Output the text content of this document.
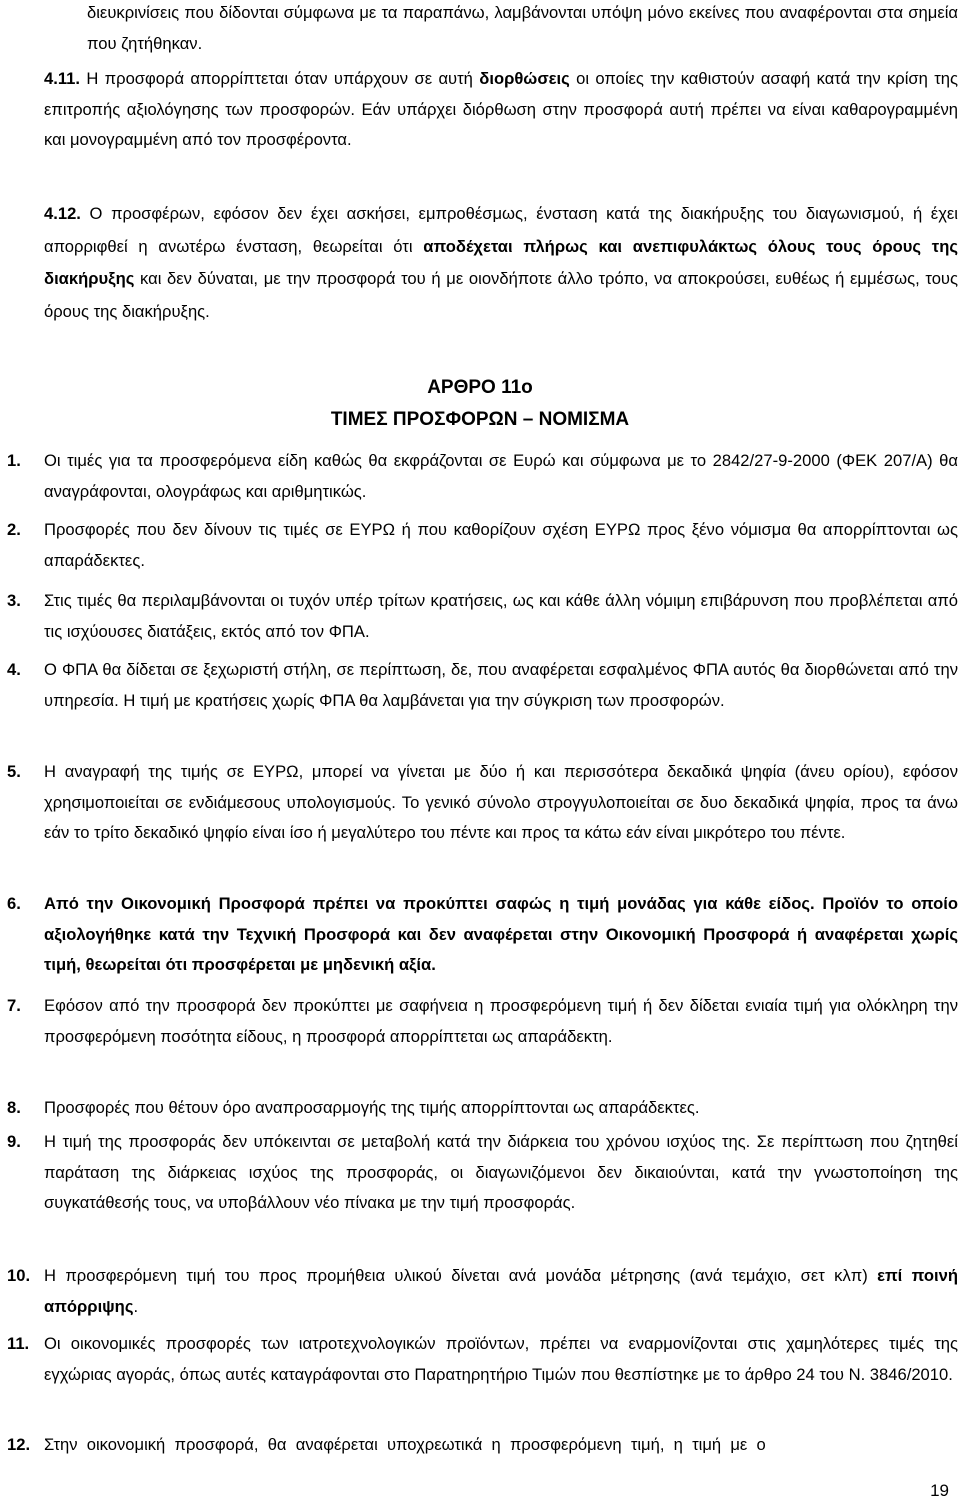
διευκρινίσεις που δίδονται σύμφωνα με τα παραπάνω, λαμβάνονται υπόψη μόνο εκείνες που αναφέρονται στα σημεία που ζητήθηκαν.
4.11. Η προσφορά απορρίπτεται όταν υπάρχουν σε αυτή διορθώσεις οι οποίες την καθιστούν ασαφή κατά την κρίση της επιτροπής αξιολόγησης των προσφορών. Εάν υπάρχει διόρθωση στην προσφορά αυτή πρέπει να είναι καθαρογραμμένη και μονογραμμένη από τον προσφέροντα.
4.12. Ο προσφέρων, εφόσον δεν έχει ασκήσει, εμπροθέσμως, ένσταση κατά της διακήρυξης του διαγωνισμού, ή έχει απορριφθεί η ανωτέρω ένσταση, θεωρείται ότι αποδέχεται πλήρως και ανεπιφυλάκτως όλους τους όρους της διακήρυξης και δεν δύναται, με την προσφορά του ή με οιονδήποτε άλλο τρόπο, να αποκρούσει, ευθέως ή εμμέσως, τους όρους της διακήρυξης.
ΑΡΘΡΟ 11ο
ΤΙΜΕΣ ΠΡΟΣΦΟΡΩΝ – ΝΟΜΙΣΜΑ
1. Οι τιμές για τα προσφερόμενα είδη καθώς θα εκφράζονται σε Ευρώ και σύμφωνα με το 2842/27-9-2000 (ΦΕΚ 207/Α) θα αναγράφονται, ολογράφως και αριθμητικώς.
2. Προσφορές που δεν δίνουν τις τιμές σε ΕΥΡΩ ή που καθορίζουν σχέση ΕΥΡΩ προς ξένο νόμισμα θα απορρίπτονται ως απαράδεκτες.
3. Στις τιμές θα περιλαμβάνονται οι τυχόν υπέρ τρίτων κρατήσεις, ως και κάθε άλλη νόμιμη επιβάρυνση που προβλέπεται από τις ισχύουσες διατάξεις, εκτός από τον ΦΠΑ.
4. Ο ΦΠΑ θα δίδεται σε ξεχωριστή στήλη, σε περίπτωση, δε, που αναφέρεται εσφαλμένος ΦΠΑ αυτός θα διορθώνεται από την υπηρεσία. Η τιμή με κρατήσεις χωρίς ΦΠΑ θα λαμβάνεται για την σύγκριση των προσφορών.
5. Η αναγραφή της τιμής σε ΕΥΡΩ, μπορεί να γίνεται με δύο ή και περισσότερα δεκαδικά ψηφία (άνευ ορίου), εφόσον χρησιμοποιείται σε ενδιάμεσους υπολογισμούς. Το γενικό σύνολο στρογγυλοποιείται σε δυο δεκαδικά ψηφία, προς τα άνω εάν το τρίτο δεκαδικό ψηφίο είναι ίσο ή μεγαλύτερο του πέντε και προς τα κάτω εάν είναι μικρότερο του πέντε.
6. Από την Οικονομική Προσφορά πρέπει να προκύπτει σαφώς η τιμή μονάδας για κάθε είδος. Προϊόν το οποίο αξιολογήθηκε κατά την Τεχνική Προσφορά και δεν αναφέρεται στην Οικονομική Προσφορά ή αναφέρεται χωρίς τιμή, θεωρείται ότι προσφέρεται με μηδενική αξία.
7. Εφόσον από την προσφορά δεν προκύπτει με σαφήνεια η προσφερόμενη τιμή ή δεν δίδεται ενιαία τιμή για ολόκληρη την προσφερόμενη ποσότητα είδους, η προσφορά απορρίπτεται ως απαράδεκτη.
8. Προσφορές που θέτουν όρο αναπροσαρμογής της τιμής απορρίπτονται ως απαράδεκτες.
9. Η τιμή της προσφοράς δεν υπόκεινται σε μεταβολή κατά την διάρκεια του χρόνου ισχύος της. Σε περίπτωση που ζητηθεί παράταση της διάρκειας ισχύος της προσφοράς, οι διαγωνιζόμενοι δεν δικαιούνται, κατά την γνωστοποίηση της συγκατάθεσής τους, να υποβάλλουν νέο πίνακα με την τιμή προσφοράς.
10. Η προσφερόμενη τιμή του προς προμήθεια υλικού δίνεται ανά μονάδα μέτρησης (ανά τεμάχιο, σετ κλπ) επί ποινή απόρριψης.
11. Οι οικονομικές προσφορές των ιατροτεχνολογικών προϊόντων, πρέπει να εναρμονίζονται στις χαμηλότερες τιμές της εγχώριας αγοράς, όπως αυτές καταγράφονται στο Παρατηρητήριο Τιμών που θεσπίστηκε με το άρθρο 24 του Ν. 3846/2010.
12. Στην οικονομική προσφορά, θα αναφέρεται υποχρεωτικά η προσφερόμενη τιμή, η τιμή με ο
19
